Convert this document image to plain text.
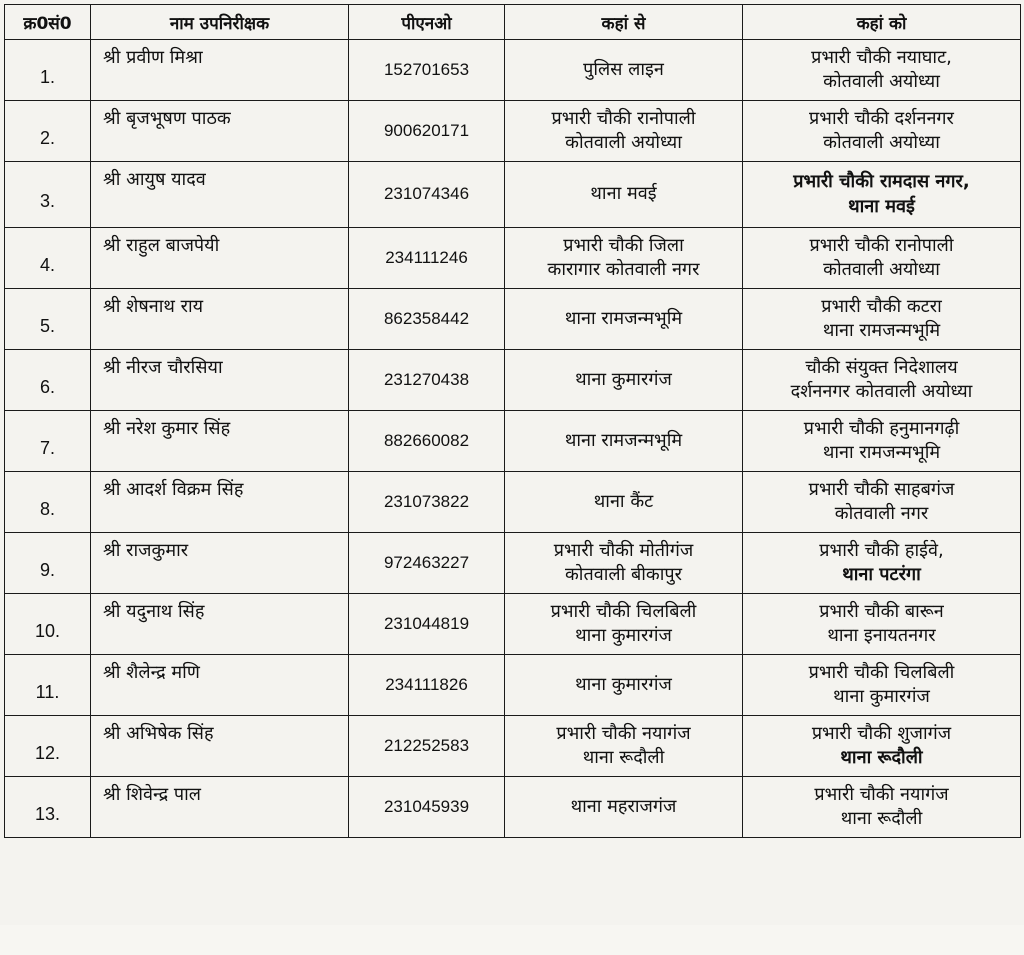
क्र0सं0	नाम उपनिरीक्षक	पीएनओ	कहां से	कहां को

1.	श्री प्रवीण मिश्रा	152701653	पुलिस लाइन	प्रभारी चौकी नयाघाट,
कोतवाली अयोध्या

2.	श्री बृजभूषण पाठक	900620171	प्रभारी चौकी रानोपाली
कोतवाली अयोध्या	प्रभारी चौकी दर्शननगर
कोतवाली अयोध्या

3.	श्री आयुष यादव	231074346	थाना मवई	प्रभारी चौकी रामदास नगर,
थाना मवई

4.	श्री राहुल बाजपेयी	234111246	प्रभारी चौकी जिला
कारागार कोतवाली नगर	प्रभारी चौकी रानोपाली
कोतवाली अयोध्या

5.	श्री शेषनाथ राय	862358442	थाना रामजन्मभूमि	प्रभारी चौकी कटरा
थाना रामजन्मभूमि

6.	श्री नीरज चौरसिया	231270438	थाना कुमारगंज	चौकी संयुक्त निदेशालय
दर्शननगर कोतवाली अयोध्या

7.	श्री नरेश कुमार सिंह	882660082	थाना रामजन्मभूमि	प्रभारी चौकी हनुमानगढ़ी
थाना रामजन्मभूमि

8.	श्री आदर्श विक्रम सिंह	231073822	थाना कैंट	प्रभारी चौकी साहबगंज
कोतवाली नगर

9.	श्री राजकुमार	972463227	प्रभारी चौकी मोतीगंज
कोतवाली बीकापुर	प्रभारी चौकी हाईवे,
थाना पटरंगा

10.	श्री यदुनाथ सिंह	231044819	प्रभारी चौकी चिलबिली
थाना कुमारगंज	प्रभारी चौकी बारून
थाना इनायतनगर

11.	श्री शैलेन्द्र मणि	234111826	थाना कुमारगंज	प्रभारी चौकी चिलबिली
थाना कुमारगंज

12.	श्री अभिषेक सिंह	212252583	प्रभारी चौकी नयागंज
थाना रूदौली	प्रभारी चौकी शुजागंज
थाना रूदौली

13.	श्री शिवेन्द्र पाल	231045939	थाना महराजगंज	प्रभारी चौकी नयागंज
थाना रूदौली
